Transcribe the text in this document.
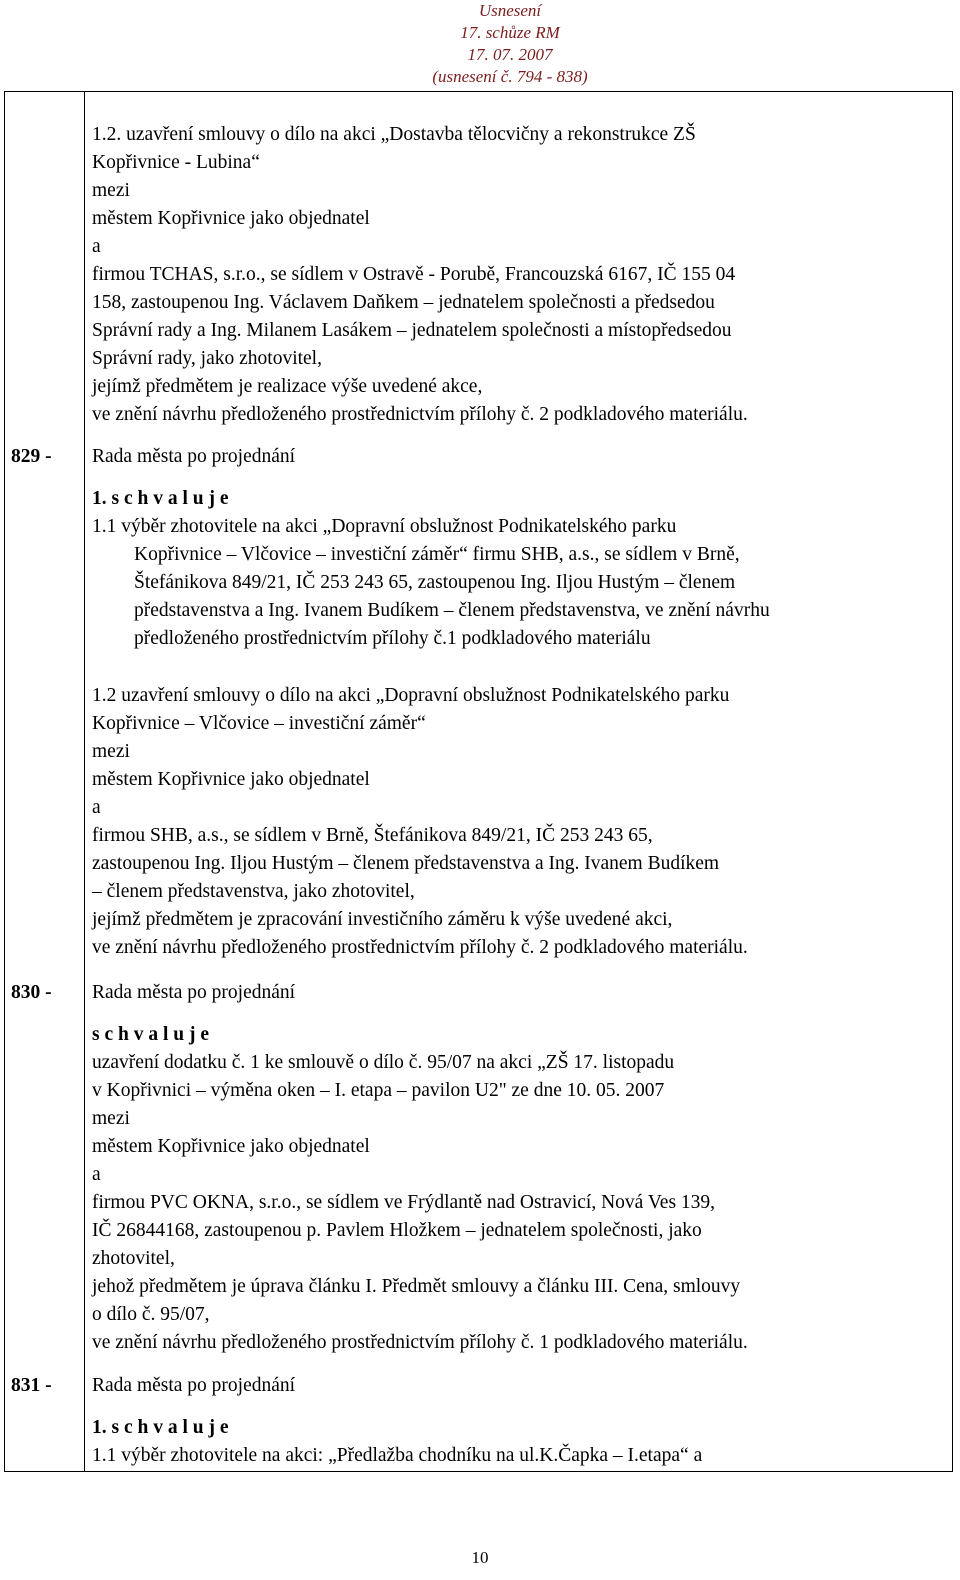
Usnesení
17. schůze RM
17. 07. 2007
(usnesení č. 794 - 838)
1.2. uzavření smlouvy o dílo na akci „Dostavba tělocvičny a rekonstrukce ZŠ
Kopřivnice - Lubina“
mezi
městem Kopřivnice jako objednatel
a
firmou TCHAS, s.r.o., se sídlem v Ostravě - Porubě, Francouzská 6167, IČ 155 04
158, zastoupenou Ing. Václavem Daňkem – jednatelem společnosti a předsedou
Správní rady a Ing. Milanem Lasákem – jednatelem společnosti a místopředsedou
Správní rady, jako zhotovitel,
jejímž předmětem je realizace výše uvedené akce,
ve znění návrhu předloženého prostřednictvím přílohy č. 2 podkladového materiálu.
829 - Rada města po projednání
1. s c h v a l u j e
1.1 výběr zhotovitele na akci „Dopravní obslužnost Podnikatelského parku
Kopřivnice – Vlčovice – investiční záměr“ firmu SHB, a.s., se sídlem v Brně,
Štefánikova 849/21, IČ 253 243 65, zastoupenou Ing. Iljou Hustým – členem
představenstva a Ing. Ivanem Budíkem – členem představenstva, ve znění návrhu
předloženého prostřednictvím přílohy č.1 podkladového materiálu
1.2 uzavření smlouvy o dílo na akci „Dopravní obslužnost Podnikatelského parku
Kopřivnice – Vlčovice – investiční záměr“
mezi
městem Kopřivnice jako objednatel
a
firmou SHB, a.s., se sídlem v Brně, Štefánikova 849/21, IČ 253 243 65,
zastoupenou Ing. Iljou Hustým – členem představenstva a Ing. Ivanem Budíkem
– členem představenstva, jako zhotovitel,
jejímž předmětem je zpracování investičního záměru k výše uvedené akci,
ve znění návrhu předloženého prostřednictvím přílohy č. 2 podkladového materiálu.
830 - Rada města po projednání
s c h v a l u j e
uzavření dodatku č. 1 ke smlouvě o dílo č. 95/07 na akci „ZŠ 17. listopadu
v Kopřivnici – výměna oken – I. etapa – pavilon U2" ze dne 10. 05. 2007
mezi
městem Kopřivnice jako objednatel
a
firmou PVC OKNA, s.r.o., se sídlem ve Frýdlantě nad Ostravicí, Nová Ves 139,
IČ 26844168, zastoupenou p. Pavlem Hložkem – jednatelem společnosti, jako
zhotovitel,
jehož předmětem je úprava článku I. Předmět smlouvy a článku III. Cena, smlouvy
o dílo č. 95/07,
ve znění návrhu předloženého prostřednictvím přílohy č. 1 podkladového materiálu.
831 - Rada města po projednání
1. s c h v a l u j e
1.1 výběr zhotovitele na akci: „Předlažba chodníku na ul.K.Čapka – I.etapa“ a
10
